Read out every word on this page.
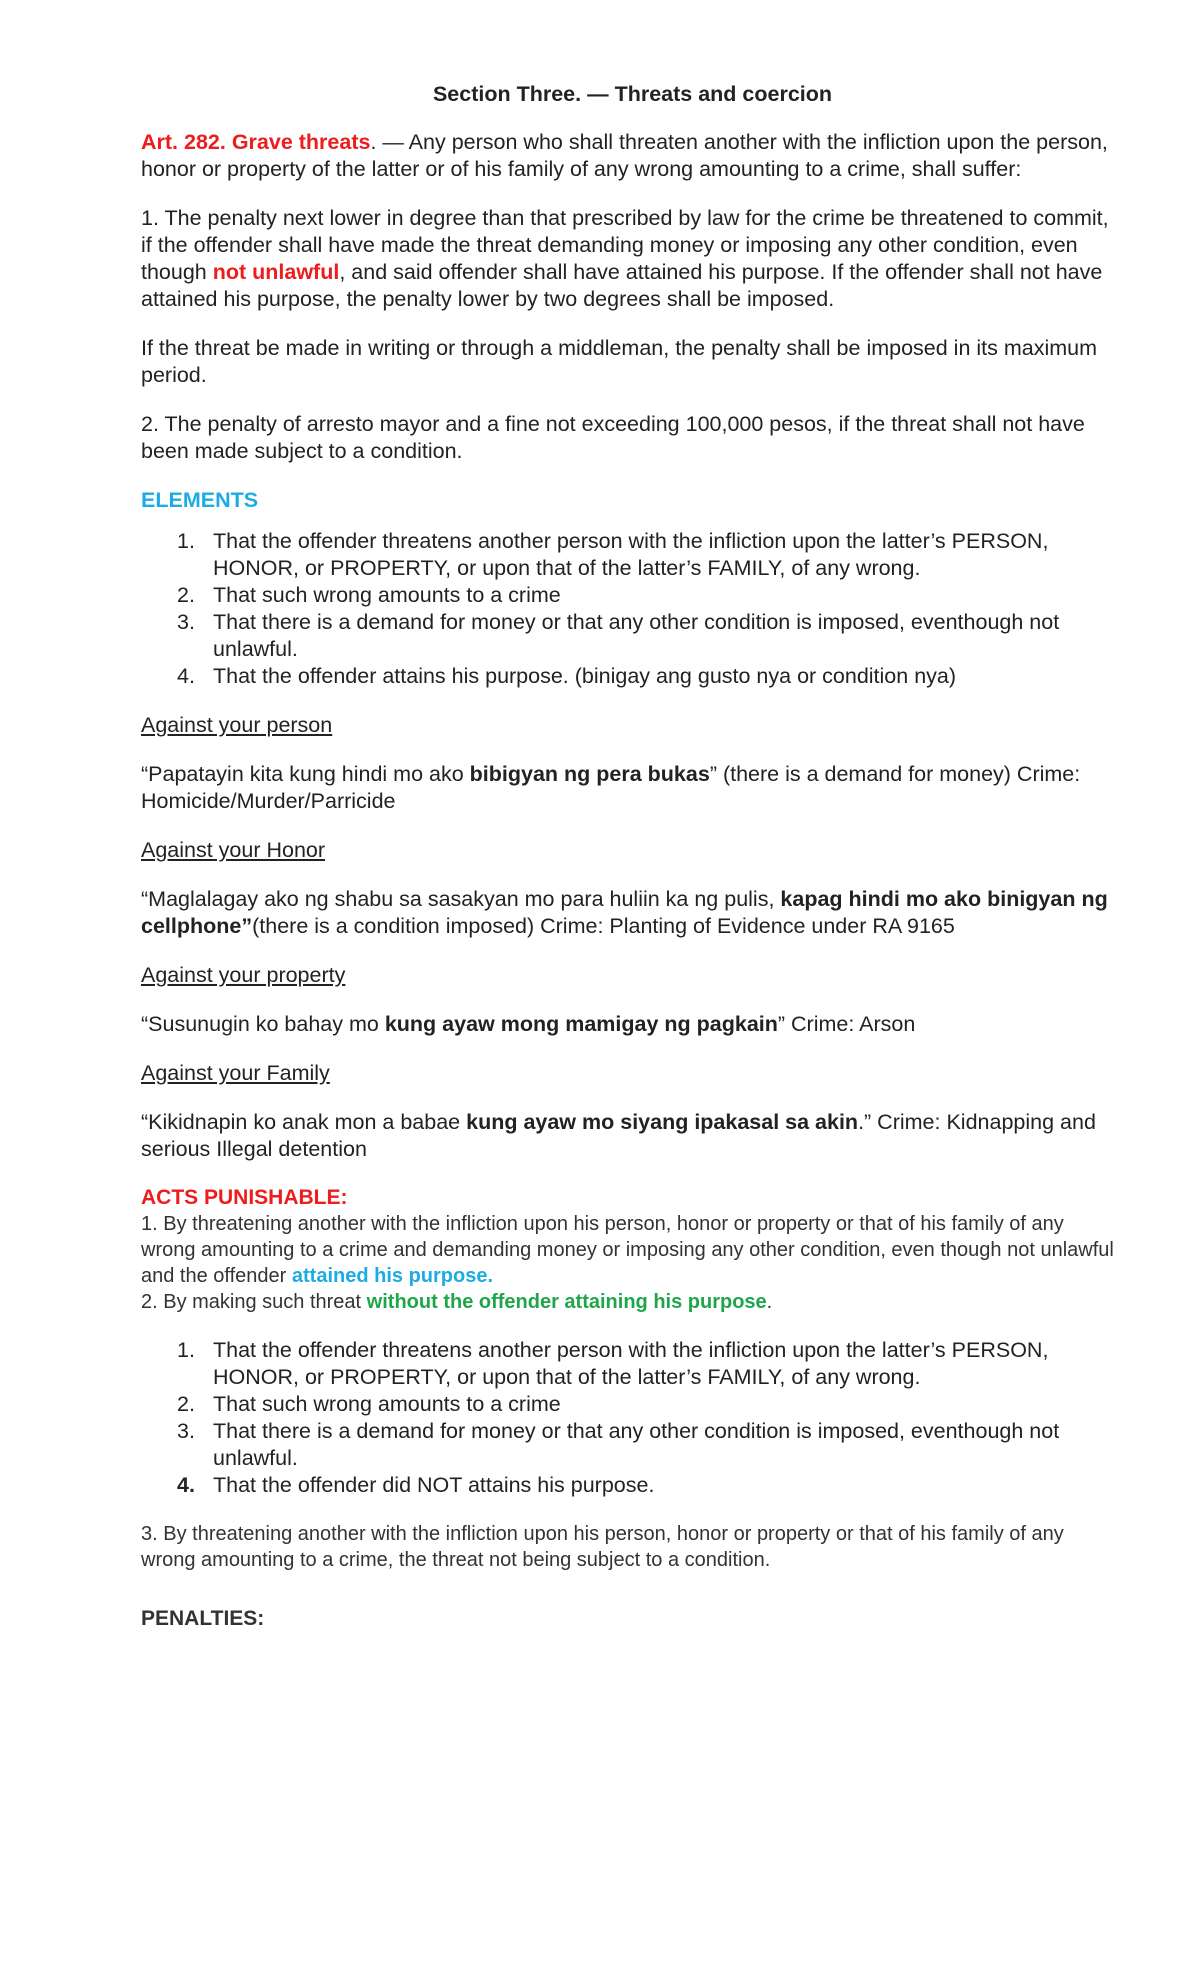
Section Three. — Threats and coercion

Art. 282. Grave threats. — Any person who shall threaten another with the infliction upon the person, honor or property of the latter or of his family of any wrong amounting to a crime, shall suffer:

1. The penalty next lower in degree than that prescribed by law for the crime be threatened to commit, if the offender shall have made the threat demanding money or imposing any other condition, even though not unlawful, and said offender shall have attained his purpose. If the offender shall not have attained his purpose, the penalty lower by two degrees shall be imposed.

If the threat be made in writing or through a middleman, the penalty shall be imposed in its maximum period.

2. The penalty of arresto mayor and a fine not exceeding 100,000 pesos, if the threat shall not have been made subject to a condition.

ELEMENTS
1. That the offender threatens another person with the infliction upon the latter’s PERSON, HONOR, or PROPERTY, or upon that of the latter’s FAMILY, of any wrong.
2. That such wrong amounts to a crime
3. That there is a demand for money or that any other condition is imposed, eventhough not unlawful.
4. That the offender attains his purpose. (binigay ang gusto nya or condition nya)
Against your person

“Papatayin kita kung hindi mo ako bibigyan ng pera bukas” (there is a demand for money) Crime: Homicide/Murder/Parricide

Against your Honor

“Maglalagay ako ng shabu sa sasakyan mo para huliin ka ng pulis, kapag hindi mo ako binigyan ng cellphone”(there is a condition imposed) Crime: Planting of Evidence under RA 9165

Against your property

“Susunugin ko bahay mo kung ayaw mong mamigay ng pagkain” Crime: Arson

Against your Family

“Kikidnapin ko anak mon a babae kung ayaw mo siyang ipakasal sa akin.” Crime: Kidnapping and serious Illegal detention

ACTS PUNISHABLE:

1. By threatening another with the infliction upon his person, honor or property or that of his family of any wrong amounting to a crime and demanding money or imposing any other condition, even though not unlawful and the offender attained his purpose.

2. By making such threat without the offender attaining his purpose.

1. That the offender threatens another person with the infliction upon the latter’s PERSON, HONOR, or PROPERTY, or upon that of the latter’s FAMILY, of any wrong.
2. That such wrong amounts to a crime
3. That there is a demand for money or that any other condition is imposed, eventhough not unlawful.
4. That the offender did NOT attains his purpose.

3. By threatening another with the infliction upon his person, honor or property or that of his family of any wrong amounting to a crime, the threat not being subject to a condition.

PENALTIES:
